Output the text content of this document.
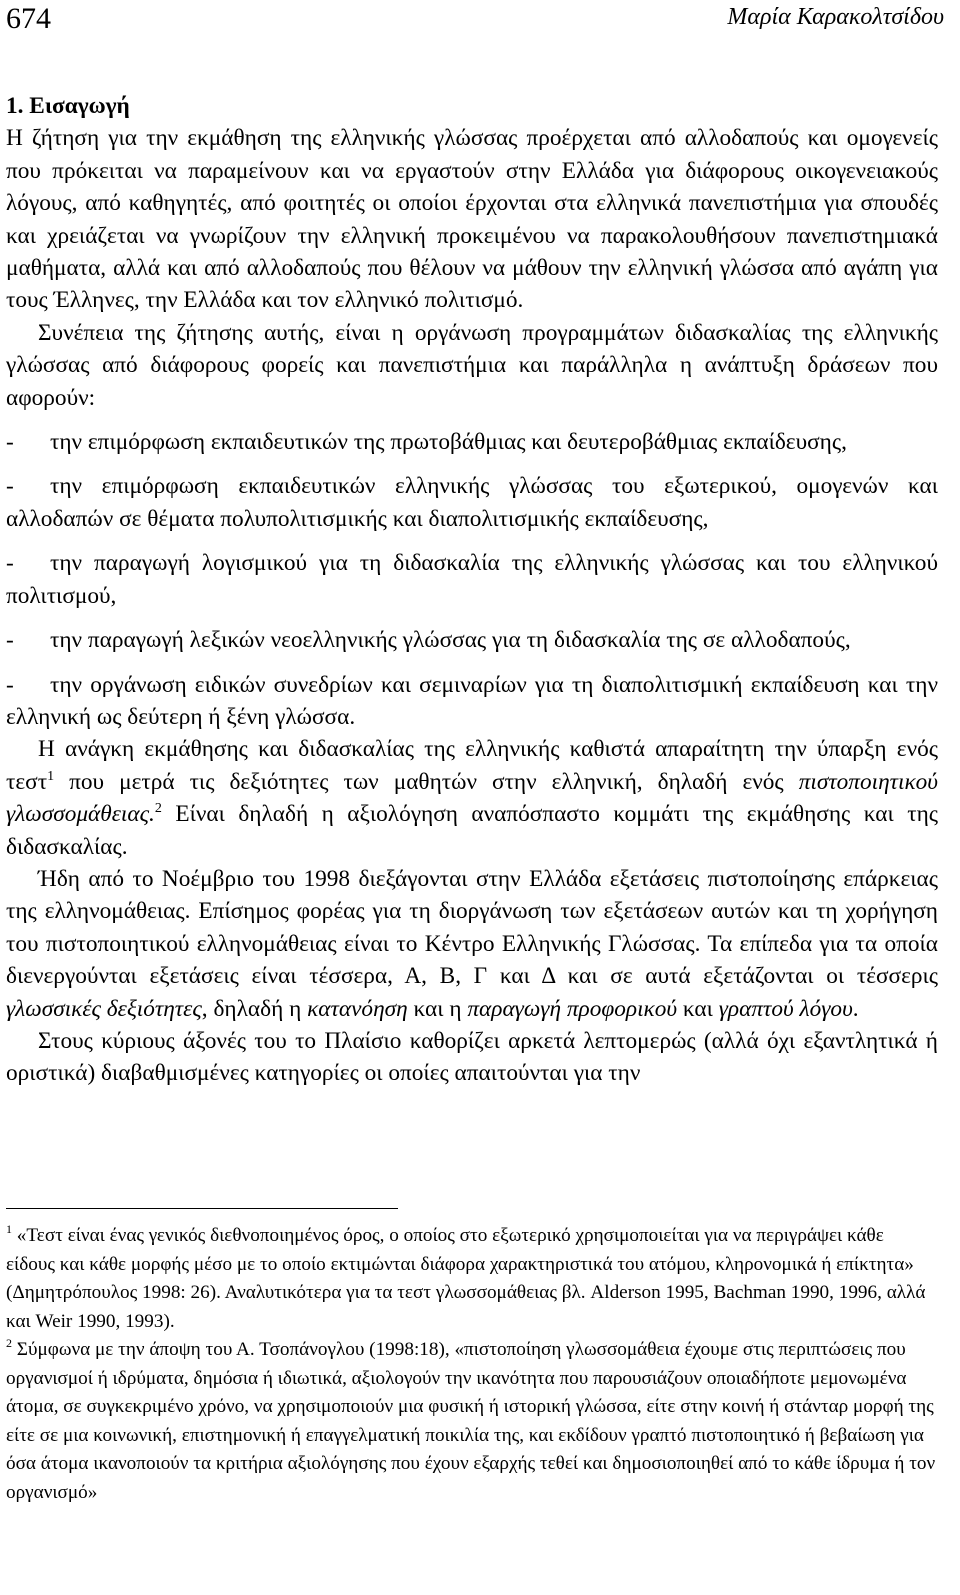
674	Μαρία Καρακολτσίδου

1. Εισαγωγή

Η ζήτηση για την εκμάθηση της ελληνικής γλώσσας προέρχεται από αλλοδαπούς και ομογενείς που πρόκειται να παραμείνουν και να εργαστούν στην Ελλάδα για διάφορους οικογενειακούς λόγους, από καθηγητές, από φοιτητές οι οποίοι έρχονται στα ελληνικά πανεπιστήμια για σπουδές και χρειάζεται να γνωρίζουν την ελληνική προκειμένου να παρακολουθήσουν πανεπιστημιακά μαθήματα, αλλά και από αλλοδαπούς που θέλουν να μάθουν την ελληνική γλώσσα από αγάπη για τους Έλληνες, την Ελλάδα και τον ελληνικό πολιτισμό.

Συνέπεια της ζήτησης αυτής, είναι η οργάνωση προγραμμάτων διδασκαλίας της ελληνικής γλώσσας από διάφορους φορείς και πανεπιστήμια και παράλληλα η ανάπτυξη δράσεων που αφορούν:

- την επιμόρφωση εκπαιδευτικών της πρωτοβάθμιας και δευτεροβάθμιας εκπαίδευσης,

- την επιμόρφωση εκπαιδευτικών ελληνικής γλώσσας του εξωτερικού, ομογενών και αλλοδαπών σε θέματα πολυπολιτισμικής και διαπολιτισμικής εκπαίδευσης,

- την παραγωγή λογισμικού για τη διδασκαλία της ελληνικής γλώσσας και του ελληνικού πολιτισμού,

- την παραγωγή λεξικών νεοελληνικής γλώσσας για τη διδασκαλία της σε αλλοδαπούς,

- την οργάνωση ειδικών συνεδρίων και σεμιναρίων για τη διαπολιτισμική εκπαίδευση και την ελληνική ως δεύτερη ή ξένη γλώσσα.

Η ανάγκη εκμάθησης και διδασκαλίας της ελληνικής καθιστά απαραίτητη την ύπαρξη ενός τεστ$^1$ που μετρά τις δεξιότητες των μαθητών στην ελληνική, δηλαδή ενός πιστοποιητικού γλωσσομάθειας.$^2$ Είναι δηλαδή η αξιολόγηση αναπόσπαστο κομμάτι της εκμάθησης και της διδασκαλίας.

Ήδη από το Νοέμβριο του 1998 διεξάγονται στην Ελλάδα εξετάσεις πιστοποίησης επάρκειας της ελληνομάθειας. Επίσημος φορέας για τη διοργάνωση των εξετάσεων αυτών και τη χορήγηση του πιστοποιητικού ελληνομάθειας είναι το Κέντρο Ελληνικής Γλώσσας. Τα επίπεδα για τα οποία διενεργούνται εξετάσεις είναι τέσσερα, Α, Β, Γ και Δ και σε αυτά εξετάζονται οι τέσσερις γλωσσικές δεξιότητες, δηλαδή η κατανόηση και η παραγωγή προφορικού και γραπτού λόγου.

Στους κύριους άξονές του το Πλαίσιο καθορίζει αρκετά λεπτομερώς (αλλά όχι εξαντλητικά ή οριστικά) διαβαθμισμένες κατηγορίες οι οποίες απαιτούνται για την

$^1$ «Τεστ είναι ένας γενικός διεθνοποιημένος όρος, ο οποίος στο εξωτερικό χρησιμοποιείται για να περιγράψει κάθε είδους και κάθε μορφής μέσο με το οποίο εκτιμώνται διάφορα χαρακτηριστικά του ατόμου, κληρονομικά ή επίκτητα» (Δημητρόπουλος 1998: 26). Αναλυτικότερα για τα τεστ γλωσσομάθειας βλ. Alderson 1995, Bachman 1990, 1996, αλλά και Weir 1990, 1993).

$^2$ Σύμφωνα με την άποψη του Α. Τσοπάνογλου (1998:18), «πιστοποίηση γλωσσομάθεια έχουμε στις περιπτώσεις που οργανισμοί ή ιδρύματα, δημόσια ή ιδιωτικά, αξιολογούν την ικανότητα που παρουσιάζουν οποιαδήποτε μεμονωμένα άτομα, σε συγκεκριμένο χρόνο, να χρησιμοποιούν μια φυσική ή ιστορική γλώσσα, είτε στην κοινή ή στάνταρ μορφή της είτε σε μια κοινωνική, επιστημονική ή επαγγελματική ποικιλία της, και εκδίδουν γραπτό πιστοποιητικό ή βεβαίωση για όσα άτομα ικανοποιούν τα κριτήρια αξιολόγησης που έχουν εξαρχής τεθεί και δημοσιοποιηθεί από το κάθε ίδρυμα ή τον οργανισμό»
